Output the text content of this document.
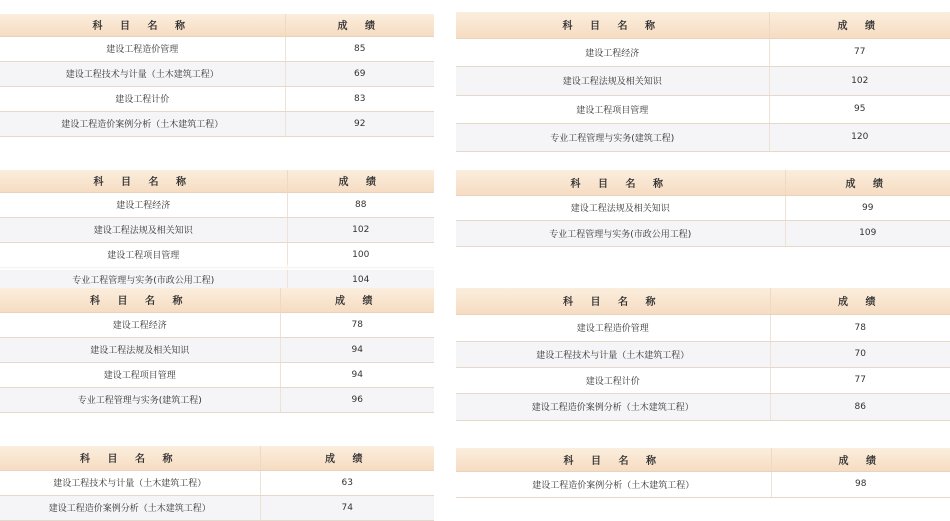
科 目 名 称	成 绩
建设工程造价管理	85
建设工程技术与计量（土木建筑工程）	69
建设工程计价	83
建设工程造价案例分析（土木建筑工程）	92
科 目 名 称	成 绩
建设工程经济	77
建设工程法规及相关知识	102
建设工程项目管理	95
专业工程管理与实务(建筑工程)	120
科 目 名 称	成 绩
建设工程经济	88
建设工程法规及相关知识	102
建设工程项目管理	100
专业工程管理与实务(市政公用工程)	104
科 目 名 称	成 绩
建设工程法规及相关知识	99
专业工程管理与实务(市政公用工程)	109
科 目 名 称	成 绩
建设工程经济	78
建设工程法规及相关知识	94
建设工程项目管理	94
专业工程管理与实务(建筑工程)	96
科 目 名 称	成 绩
建设工程造价管理	78
建设工程技术与计量（土木建筑工程）	70
建设工程计价	77
建设工程造价案例分析（土木建筑工程）	86
科 目 名 称	成 绩
建设工程技术与计量（土木建筑工程）	63
建设工程造价案例分析（土木建筑工程）	74
科 目 名 称	成 绩
建设工程造价案例分析（土木建筑工程）	98
